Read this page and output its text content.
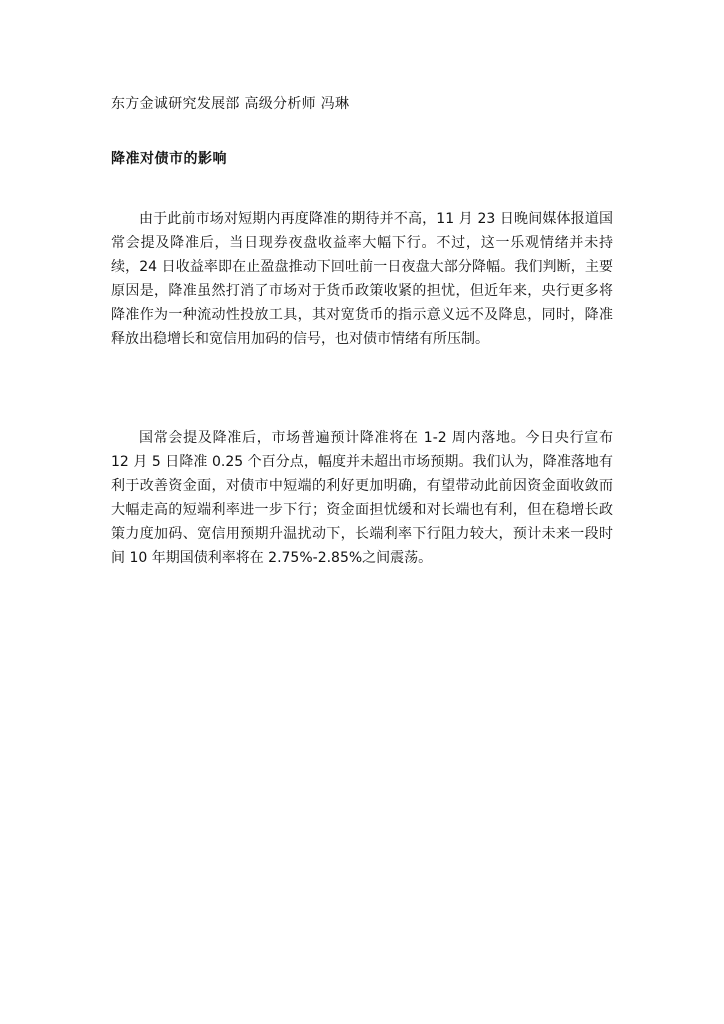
东方金诚研究发展部 高级分析师 冯琳
降准对债市的影响

由于此前市场对短期内再度降准的期待并不高，11 月 23 日晚间媒体报道国常会提及降准后，当日现券夜盘收益率大幅下行。不过，这一乐观情绪并未持续，24 日收益率即在止盈盘推动下回吐前一日夜盘大部分降幅。我们判断，主要原因是，降准虽然打消了市场对于货币政策收紧的担忧，但近年来，央行更多将降准作为一种流动性投放工具，其对宽货币的指示意义远不及降息，同时，降准释放出稳增长和宽信用加码的信号，也对债市情绪有所压制。

国常会提及降准后，市场普遍预计降准将在 1-2 周内落地。今日央行宣布 12 月 5 日降准 0.25 个百分点，幅度并未超出市场预期。我们认为，降准落地有利于改善资金面，对债市中短端的利好更加明确，有望带动此前因资金面收敛而大幅走高的短端利率进一步下行；资金面担忧缓和对长端也有利，但在稳增长政策力度加码、宽信用预期升温扰动下，长端利率下行阻力较大，预计未来一段时间 10 年期国债利率将在 2.75%-2.85%之间震荡。
